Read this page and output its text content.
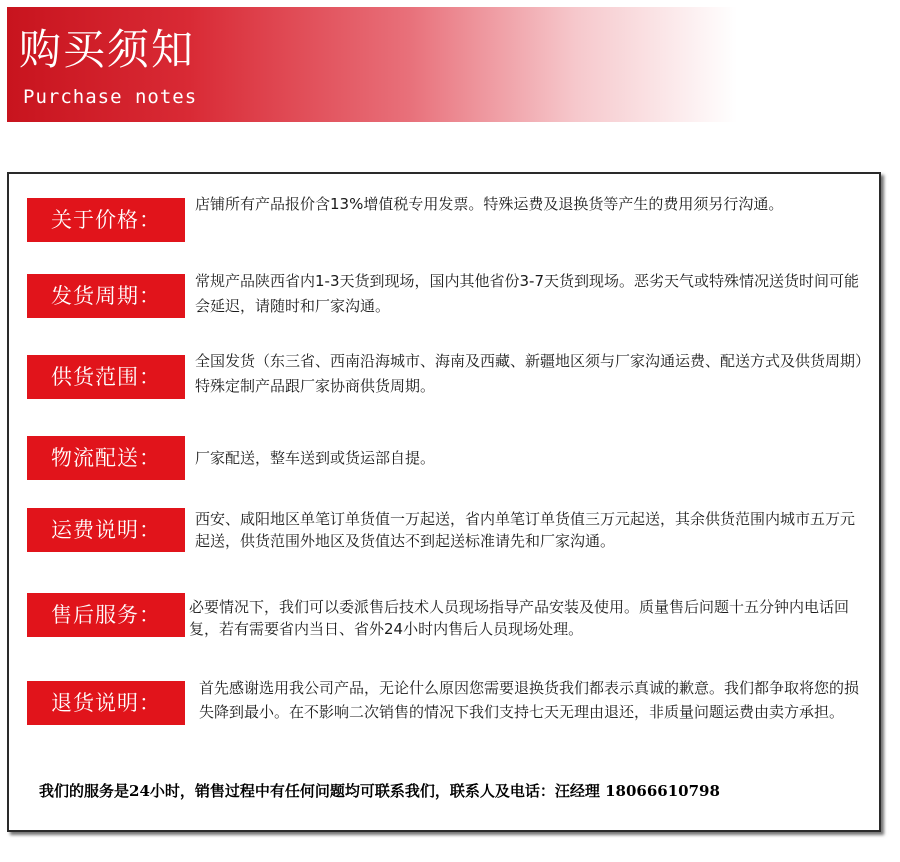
购买须知
Purchase notes
关于价格：
店铺所有产品报价含13%增值税专用发票。特殊运费及退换货等产生的费用须另行沟通。
发货周期：
常规产品陕西省内1-3天货到现场，国内其他省份3-7天货到现场。恶劣天气或特殊情况送货时间可能会延迟，请随时和厂家沟通。
供货范围：
全国发货（东三省、西南沿海城市、海南及西藏、新疆地区须与厂家沟通运费、配送方式及供货周期）特殊定制产品跟厂家协商供货周期。
物流配送：	厂家配送，整车送到或货运部自提。
运费说明：	西安、咸阳地区单笔订单货值一万起送，省内单笔订单货值三万元起送，其余供货范围内城市五万元起送，供货范围外地区及货值达不到起送标准请先和厂家沟通。
售后服务：	必要情况下，我们可以委派售后技术人员现场指导产品安装及使用。质量售后问题十五分钟内电话回复，若有需要省内当日、省外24小时内售后人员现场处理。
退货说明：
首先感谢选用我公司产品，无论什么原因您需要退换货我们都表示真诚的歉意。我们都争取将您的损失降到最小。在不影响二次销售的情况下我们支持七天无理由退还，非质量问题运费由卖方承担。
我们的服务是24小时，销售过程中有任何问题均可联系我们，联系人及电话：汪经理 18066610798
